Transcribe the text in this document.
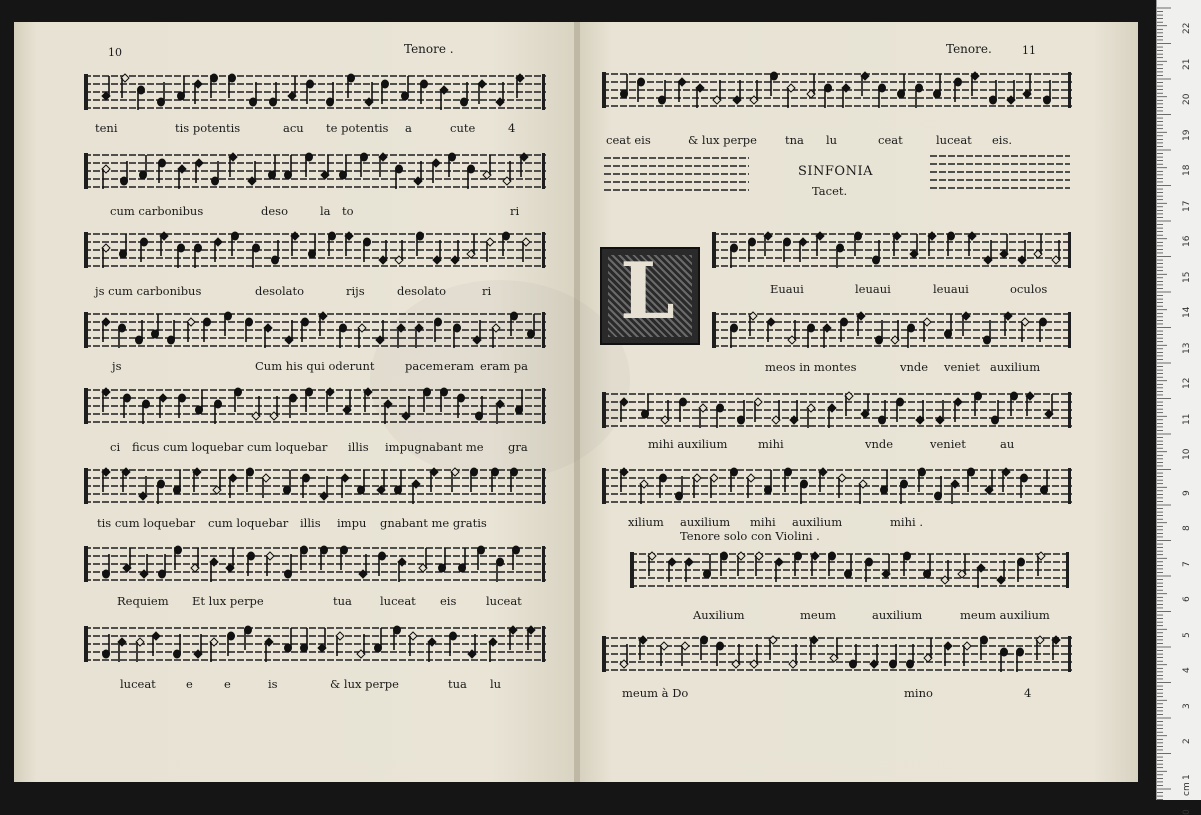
10	Tenore .	Tenore.	11
teni	tis potentis	acu te potentis a	cute	4
cum carbonibus	deso	la to	ri
js cum carbonibus	desolato	rijs	desolato	ri
js	Cum his qui oderunt	pacem eram eram pa
ci ficus cum loquebar cum loquebar illis impugnabant me gra
tis cum loquebar cum loquebar illis impu gnabant me gratis
Requiem Et lux perpe	tua luceat eis	luceat
luceat	e	e	is	& lux perpe	tua lu
ceat eis	& lux perpe tna lu	ceat	luceat eis.
SINFONIA
Tacet.
L	Euaui	leuaui	leuaui	oculos
meos in montes	vnde veniet auxilium
mihi auxilium	mihi	vnde	veniet	au
xilium auxilium mihi auxilium	mihi .
Tenore solo con Violini .
Auxilium	meum	auxilium	meum auxilium
meum à Do	mino	4
22
21
20
19
18
17
16
15
14
13
12
11
10
9
8
7
6
5
4
3
2
1
0
cm
